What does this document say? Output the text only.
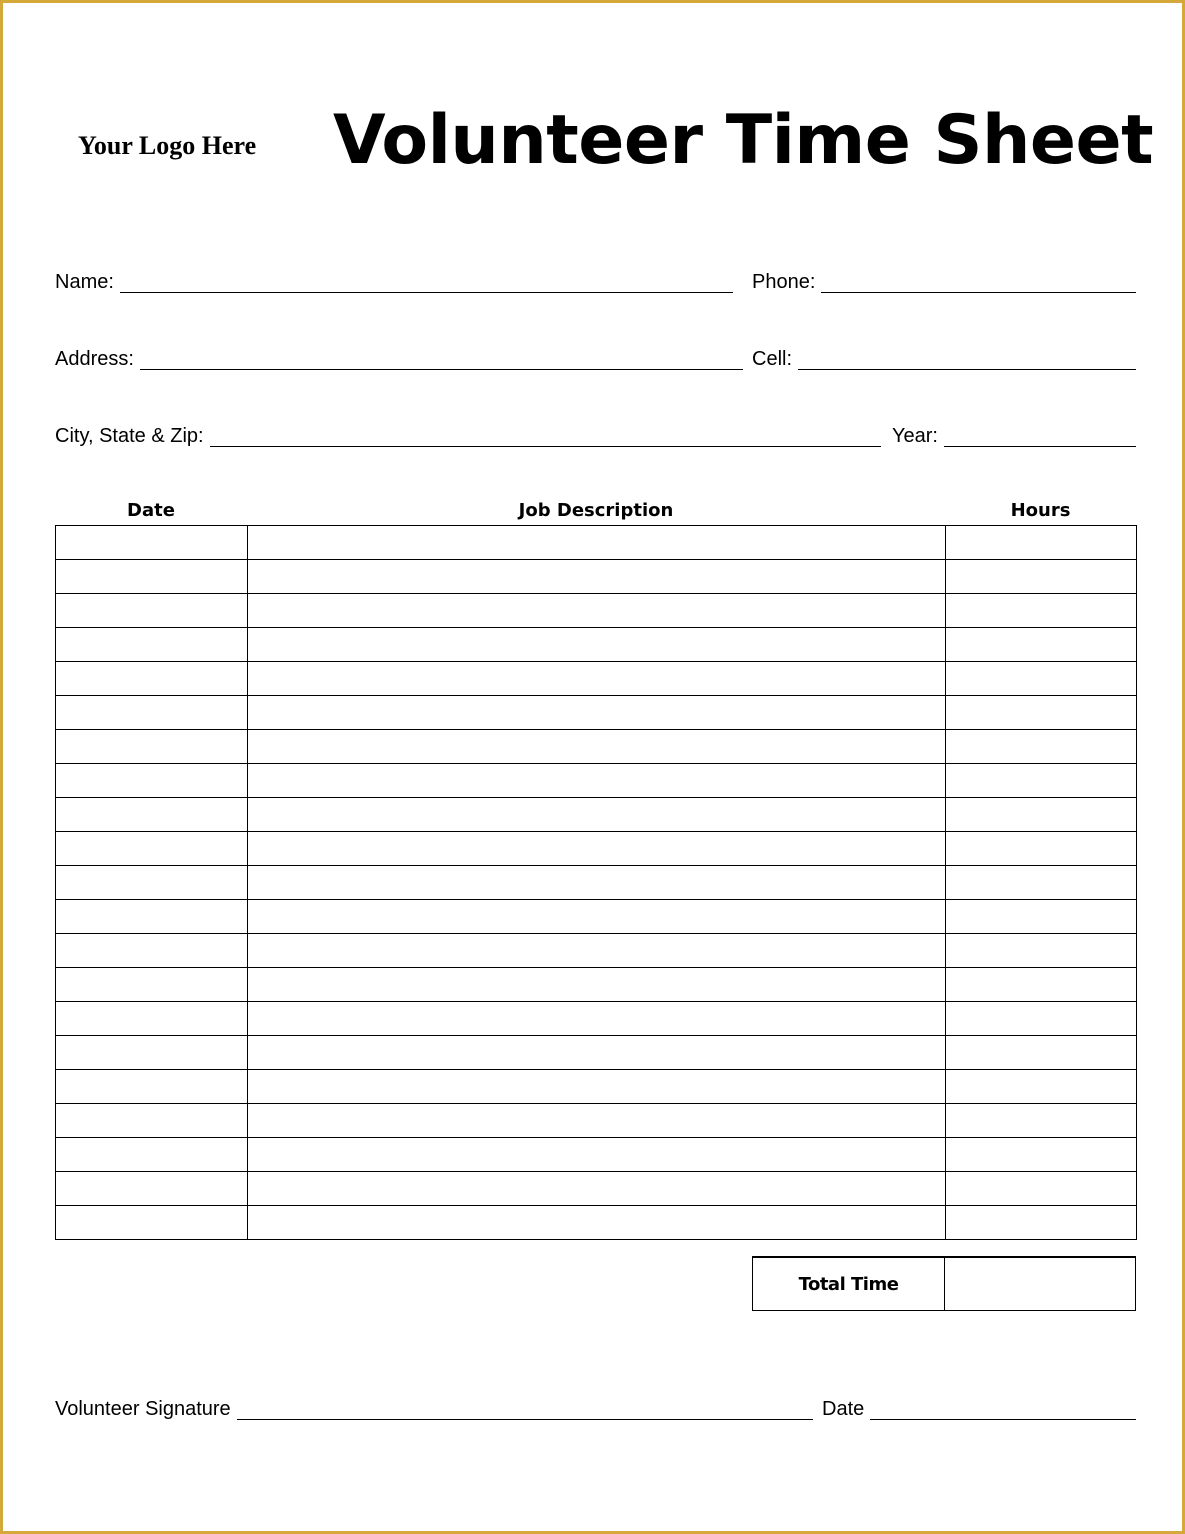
Your Logo Here Volunteer Time Sheet
Name:	Phone:
Address:	Cell:
City, State & Zip:	Year:
Date	Job Description	Hours

Total Time
Volunteer Signature	Date
